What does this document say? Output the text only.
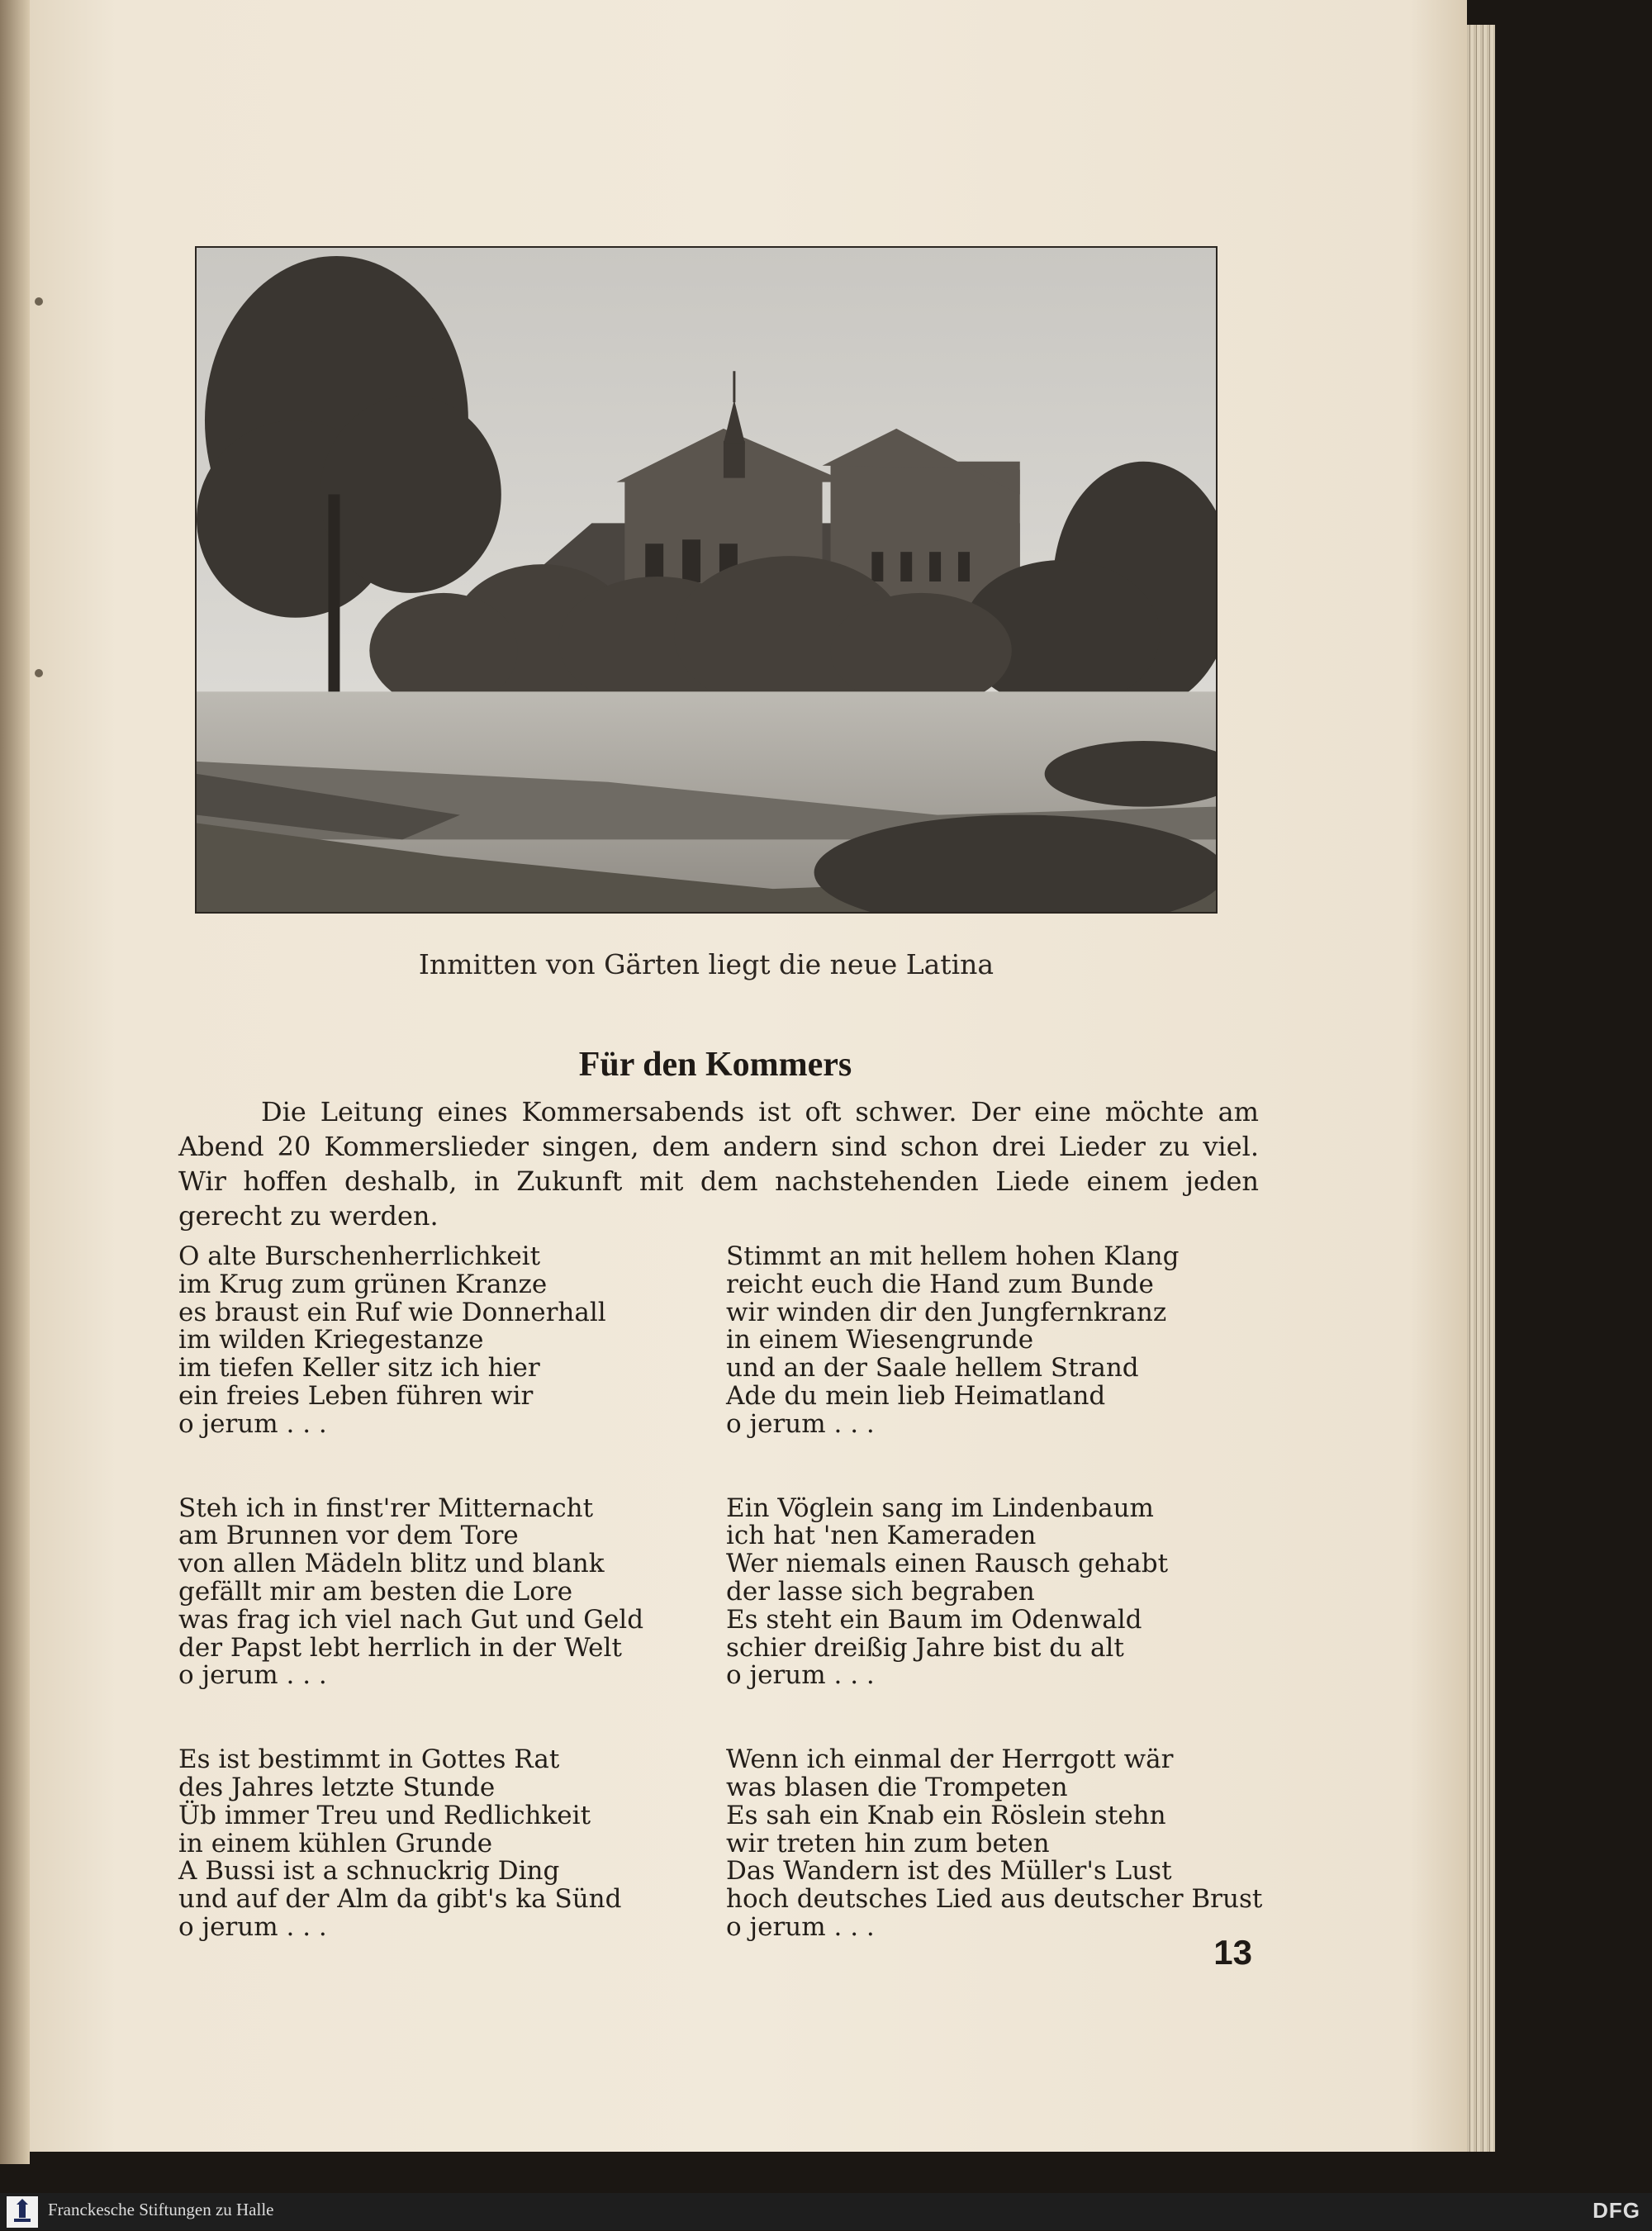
Inmitten von Gärten liegt die neue Latina
Für den Kommers
Die Leitung eines Kommersabends ist oft schwer. Der eine möchte am Abend 20 Kommerslieder singen, dem andern sind schon drei Lieder zu viel. Wir hoffen deshalb, in Zukunft mit dem nachstehenden Liede einem jeden gerecht zu werden.
O alte Burschenherrlichkeit
im Krug zum grünen Kranze
es braust ein Ruf wie Donnerhall
im wilden Kriegestanze
im tiefen Keller sitz ich hier
ein freies Leben führen wir
o jerum . . .
Steh ich in finst'rer Mitternacht
am Brunnen vor dem Tore
von allen Mädeln blitz und blank
gefällt mir am besten die Lore
was frag ich viel nach Gut und Geld
der Papst lebt herrlich in der Welt
o jerum . . .
Es ist bestimmt in Gottes Rat
des Jahres letzte Stunde
Üb immer Treu und Redlichkeit
in einem kühlen Grunde
A Bussi ist a schnuckrig Ding
und auf der Alm da gibt's ka Sünd
o jerum . . .
Stimmt an mit hellem hohen Klang
reicht euch die Hand zum Bunde
wir winden dir den Jungfernkranz
in einem Wiesengrunde
und an der Saale hellem Strand
Ade du mein lieb Heimatland
o jerum . . .
Ein Vöglein sang im Lindenbaum
ich hat 'nen Kameraden
Wer niemals einen Rausch gehabt
der lasse sich begraben
Es steht ein Baum im Odenwald
schier dreißig Jahre bist du alt
o jerum . . .
Wenn ich einmal der Herrgott wär
was blasen die Trompeten
Es sah ein Knab ein Röslein stehn
wir treten hin zum beten
Das Wandern ist des Müller's Lust
hoch deutsches Lied aus deutscher Brust
o jerum . . .
13
Franckesche Stiftungen zu Halle	DFG
